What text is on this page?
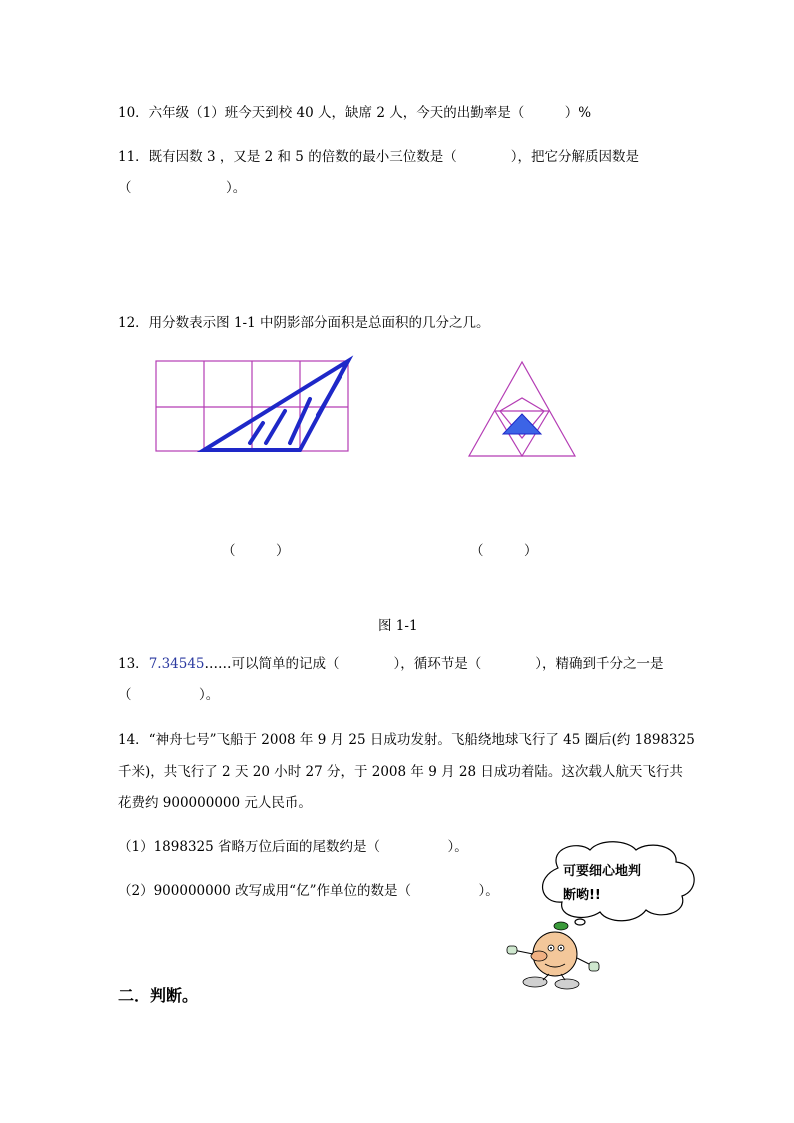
10．六年级（1）班今天到校 40 人，缺席 2 人，今天的出勤率是（　　　）%
11．既有因数 3 ，又是 2 和 5 的倍数的最小三位数是（　　　　），把它分解质因数是
（　　　　　　　）。
12．用分数表示图 1-1 中阴影部分面积是总面积的几分之几。
（　　　）	（　　　）
图 1-1
13．7.34545……可以简单的记成（　　　　），循环节是（　　　　），精确到千分之一是
（　　　　　）。
14．“神舟七号”飞船于 2008 年 9 月 25 日成功发射。飞船绕地球飞行了 45 圈后(约 1898325
千米)，共飞行了 2 天 20 小时 27 分，于 2008 年 9 月 28 日成功着陆。这次载人航天飞行共
花费约 900000000 元人民币。
（1）1898325 省略万位后面的尾数约是（　　　　　）。
（2）900000000 改写成用“亿”作单位的数是（　　　　　）。
可要细心地判
断哟!!
二．判断。
